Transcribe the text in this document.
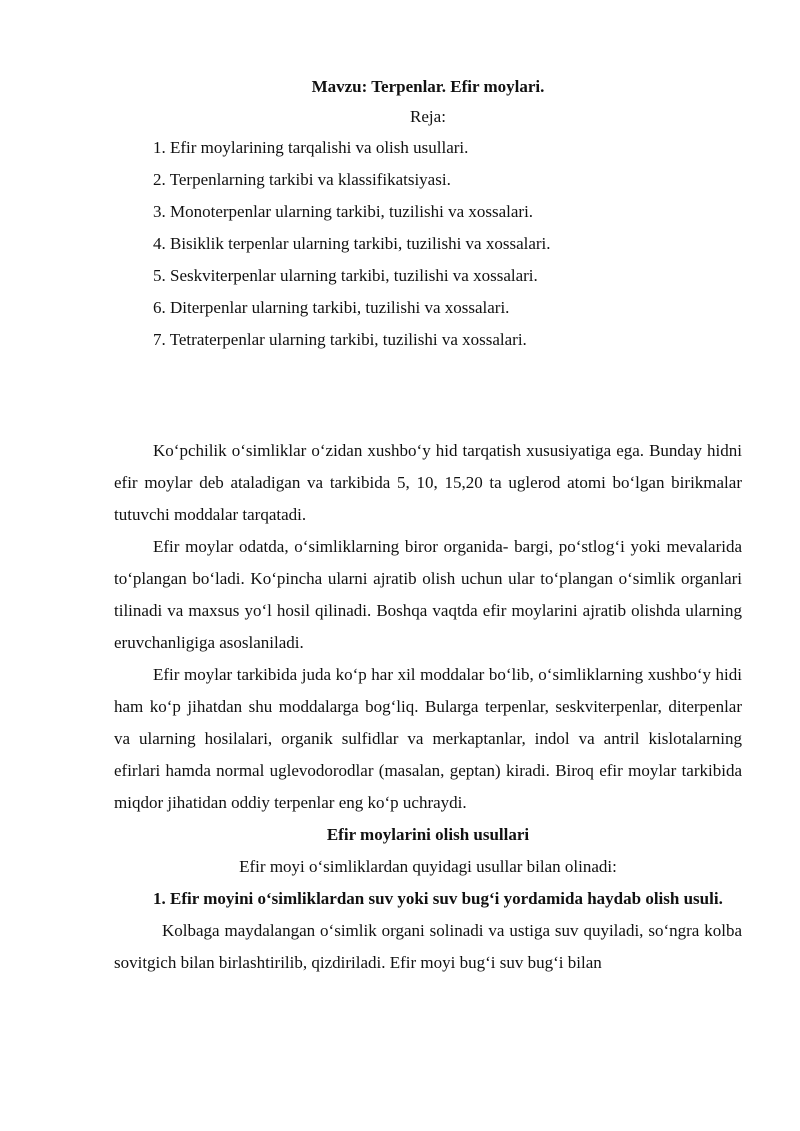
Mavzu: Terpenlar. Efir moylari.

Reja:

1. Efir moylarining tarqalishi va olish usullari.
2. Terpenlarning tarkibi va klassifikatsiyasi.
3. Monoterpenlar ularning tarkibi, tuzilishi va xossalari.
4. Bisiklik terpenlar ularning tarkibi, tuzilishi va xossalari.
5. Seskviterpenlar ularning tarkibi, tuzilishi va xossalari.
6. Diterpenlar ularning tarkibi, tuzilishi va xossalari.
7. Tetraterpenlar ularning tarkibi, tuzilishi va xossalari.

Ko‘pchilik o‘simliklar o‘zidan xushbo‘y hid tarqatish xususiyatiga ega. Bunday hidni efir moylar deb ataladigan va tarkibida 5, 10, 15,20 ta uglerod atomi bo‘lgan birikmalar tutuvchi moddalar tarqatadi.

Efir moylar odatda, o‘simliklarning biror organida- bargi, po‘stlog‘i yoki mevalarida to‘plangan bo‘ladi. Ko‘pincha ularni ajratib olish uchun ular to‘plangan o‘simlik organlari tilinadi va maxsus yo‘l hosil qilinadi. Boshqa vaqtda efir moylarini ajratib olishda ularning eruvchanligiga asoslaniladi.

Efir moylar tarkibida juda ko‘p har xil moddalar bo‘lib, o‘simliklarning xushbo‘y hidi ham ko‘p jihatdan shu moddalarga bog‘liq. Bularga terpenlar, seskviterpenlar, diterpenlar va ularning hosilalari, organik sulfidlar va merkaptanlar, indol va antril kislotalarning efirlari hamda normal uglevodorodlar (masalan, geptan) kiradi. Biroq efir moylar tarkibida miqdor jihatidan oddiy terpenlar eng ko‘p uchraydi.

Efir moylarini olish usullari

Efir moyi o‘simliklardan quyidagi usullar bilan olinadi:

1. Efir moyini o‘simliklardan suv yoki suv bug‘i yordamida haydab olish usuli.

Kolbaga maydalangan o‘simlik organi solinadi va ustiga suv quyiladi, so‘ngra kolba sovitgich bilan birlashtirilib, qizdiriladi. Efir moyi bug‘i suv bug‘i bilan
